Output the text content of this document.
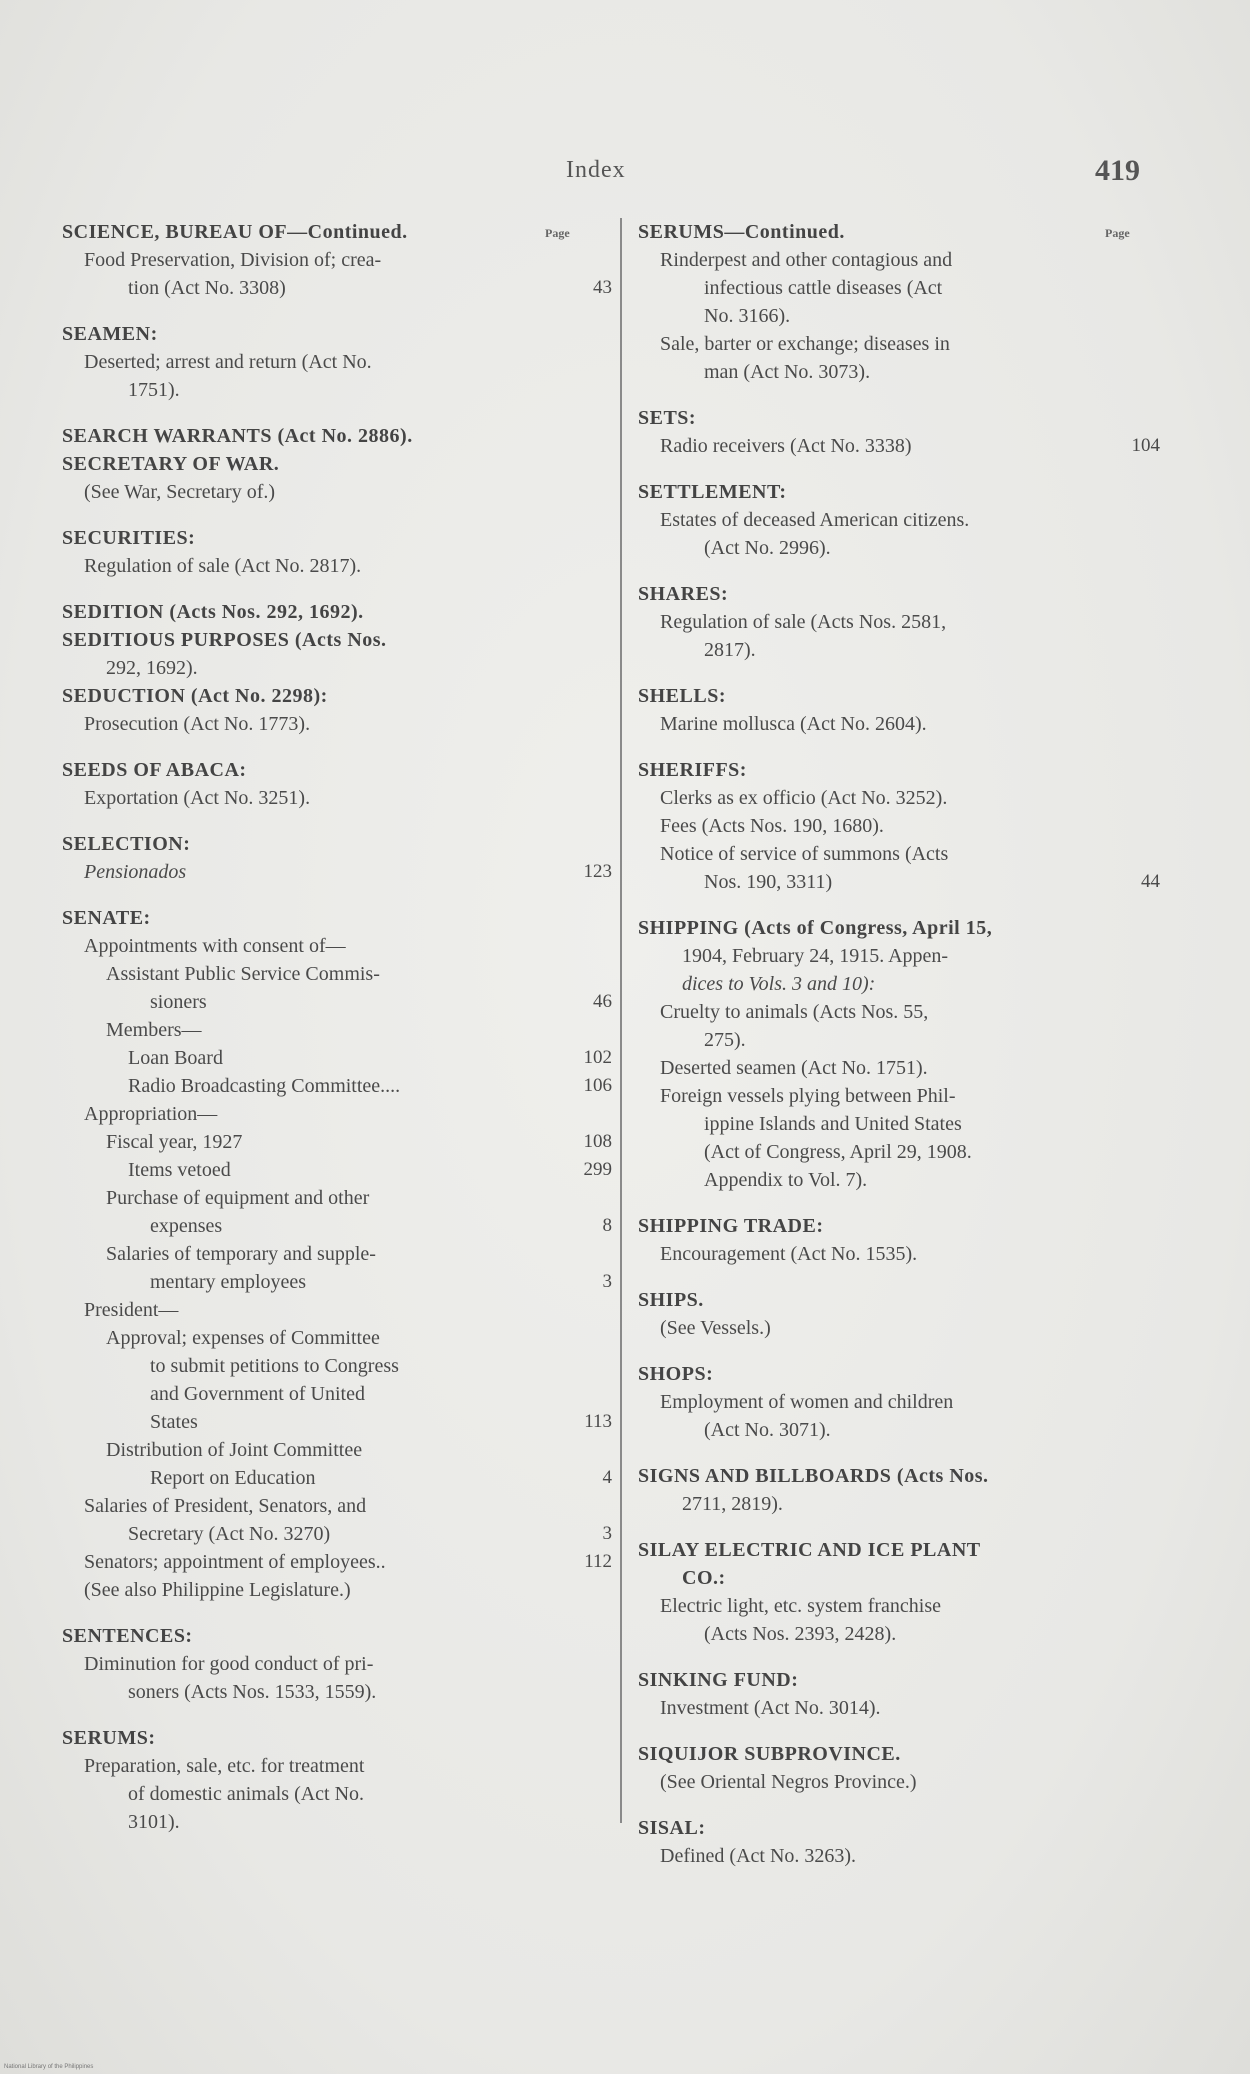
Index	419
Page	Page
SCIENCE, BUREAU OF—Continued.
Food Preservation, Division of; crea-
tion (Act No. 3308)	43
SEAMEN:
Deserted; arrest and return (Act No.
1751).
SEARCH WARRANTS (Act No. 2886).
SECRETARY OF WAR.
(See War, Secretary of.)
SECURITIES:
Regulation of sale (Act No. 2817).
SEDITION (Acts Nos. 292, 1692).
SEDITIOUS PURPOSES (Acts Nos.
292, 1692).
SEDUCTION (Act No. 2298):
Prosecution (Act No. 1773).
SEEDS OF ABACA:
Exportation (Act No. 3251).
SELECTION:
Pensionados	123
SENATE:
Appointments with consent of—
Assistant Public Service Commis-
sioners	46
Members—
Loan Board	102
Radio Broadcasting Committee....	106
Appropriation—
Fiscal year, 1927	108
Items vetoed	299
Purchase of equipment and other
expenses	8
Salaries of temporary and supple-
mentary employees	3
President—
Approval; expenses of Committee
to submit petitions to Congress
and Government of United
States	113
Distribution of Joint Committee
Report on Education	4
Salaries of President, Senators, and
Secretary (Act No. 3270)	3
Senators; appointment of employees..	112
(See also Philippine Legislature.)
SENTENCES:
Diminution for good conduct of pri-
soners (Acts Nos. 1533, 1559).
SERUMS:
Preparation, sale, etc. for treatment
of domestic animals (Act No.
3101).
SERUMS—Continued.
Rinderpest and other contagious and
infectious cattle diseases (Act
No. 3166).
Sale, barter or exchange; diseases in
man (Act No. 3073).
SETS:
Radio receivers (Act No. 3338)	104
SETTLEMENT:
Estates of deceased American citizens.
(Act No. 2996).
SHARES:
Regulation of sale (Acts Nos. 2581,
2817).
SHELLS:
Marine mollusca (Act No. 2604).
SHERIFFS:
Clerks as ex officio (Act No. 3252).
Fees (Acts Nos. 190, 1680).
Notice of service of summons (Acts
Nos. 190, 3311)	44
SHIPPING (Acts of Congress, April 15,
1904, February 24, 1915. Appen-
dices to Vols. 3 and 10):
Cruelty to animals (Acts Nos. 55,
275).
Deserted seamen (Act No. 1751).
Foreign vessels plying between Phil-
ippine Islands and United States
(Act of Congress, April 29, 1908.
Appendix to Vol. 7).
SHIPPING TRADE:
Encouragement (Act No. 1535).
SHIPS.
(See Vessels.)
SHOPS:
Employment of women and children
(Act No. 3071).
SIGNS AND BILLBOARDS (Acts Nos.
2711, 2819).
SILAY ELECTRIC AND ICE PLANT
CO.:
Electric light, etc. system franchise
(Acts Nos. 2393, 2428).
SINKING FUND:
Investment (Act No. 3014).
SIQUIJOR SUBPROVINCE.
(See Oriental Negros Province.)
SISAL:
Defined (Act No. 3263).
National Library of the Philippines
